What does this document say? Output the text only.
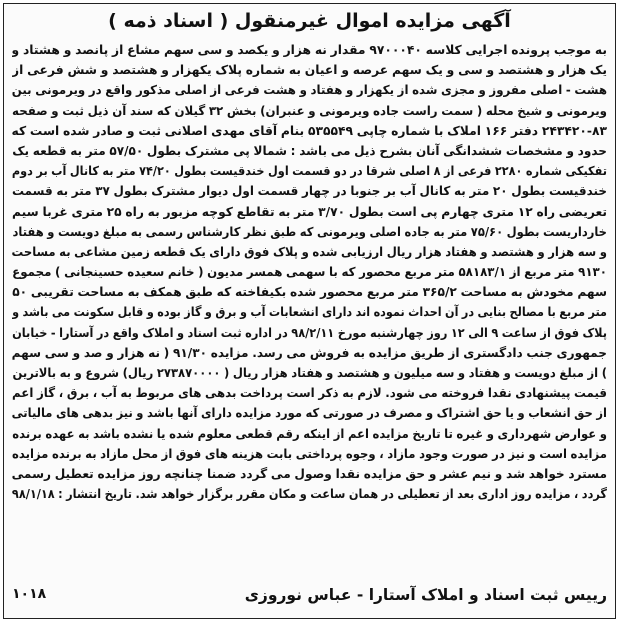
آگهی مزایده اموال غیرمنقول ( اسناد ذمه )
به موجب پرونده اجرایی کلاسه ۹۷۰۰۰۴۰ مقدار نه هزار و یکصد و سی سهم مشاع از پانصد و هشتاد و
یک هزار و هشتصد و سی و یک سهم عرصه و اعیان به شماره پلاک یکهزار و هشتصد و شش فرعی از
هشت - اصلی مفروز و مجزی شده از یکهزار و هفتاد و هشت فرعی از اصلی مذکور واقع در ویرمونی بین
ویرمونی و شیخ محله ( سمت راست جاده ویرمونی و عنبران) بخش ۳۲ گیلان که سند آن ذیل ثبت و صفحه
۲۴۳۴۲۰-۸۳ دفتر ۱۶۶ املاک با شماره چاپی ۵۳۵۵۴۹ بنام آقای مهدی اصلانی ثبت و صادر شده است که
حدود و مشخصات ششدانگی آنان بشرح ذیل می باشد : شمالا پی مشترک بطول ۵۷/۵۰ متر به قطعه یک
تفکیکی شماره ۲۲۸۰ فرعی از ۸ اصلی شرقا در دو قسمت اول خندقیست بطول ۷۴/۲۰ متر به کانال آب بر دوم
خندقیست بطول ۲۰ متر به کانال آب بر جنوبا در چهار قسمت اول دیوار مشترک بطول ۳۷ متر به قسمت
تعریضی راه ۱۲ متری چهارم پی است بطول ۳/۷۰ متر به تقاطع کوچه مزبور به راه ۲۵ متری غربا سیم
خارداریست بطول ۷۵/۶۰ متر به جاده اصلی ویرمونی که طبق نظر کارشناس رسمی به مبلغ دویست و هفتاد
و سه هزار و هشتصد و هفتاد هزار ریال ارزیابی شده و پلاک فوق دارای یک قطعه زمین مشاعی به مساحت
۹۱۳۰ متر مربع از ۵۸۱۸۳/۱ متر مربع محصور که با سهمی همسر مدیون ( خانم سعیده حسینجانی ) مجموع
سهم مخودش به مساحت ۳۶۵/۲ متر مربع محصور شده بکیفاخته که طبق همکف به مساحت تقریبی ۵۰
متر مربع با مصالح بنایی در آن احداث نموده اند دارای انشعابات آب و برق و گاز بوده و قابل سکونت می باشد و
پلاک فوق از ساعت ۹ الی ۱۲ روز چهارشنبه مورخ ۹۸/۲/۱۱ در اداره ثبت اسناد و املاک واقع در آستارا - خیابان
جمهوری جنب دادگستری از طریق مزایده به فروش می رسد. مزایده ۹۱/۳۰ ( نه هزار و صد و سی سهم
) از مبلغ دویست و هفتاد و سه میلیون و هشتصد و هفتاد هزار ریال ( ۲۷۳۸۷۰۰۰۰ ریال) شروع و به بالاترین
قیمت پیشنهادی نقدا فروخته می شود. لازم به ذکر است پرداخت بدهی های مربوط به آب ، برق ، گاز اعم
از حق انشعاب و یا حق اشتراک و مصرف در صورتی که مورد مزایده دارای آنها باشد و نیز بدهی های مالیاتی
و عوارض شهرداری و غیره تا تاریخ مزایده اعم از اینکه رقم قطعی معلوم شده یا نشده باشد به عهده برنده
مزایده است و نیز در صورت وجود مازاد ، وجوه پرداختی بابت هزینه های فوق از محل مازاد به برنده مزایده
مسترد خواهد شد و نیم عشر و حق مزایده نقدا وصول می گردد ضمنا چنانچه روز مزایده تعطیل رسمی
گردد ، مزایده روز اداری بعد از تعطیلی در همان ساعت و مکان مقرر برگزار خواهد شد. تاریخ انتشار : ۹۸/۱/۱۸
رییس ثبت اسناد و املاک آستارا - عباس نوروزی
۱۰۱۸
